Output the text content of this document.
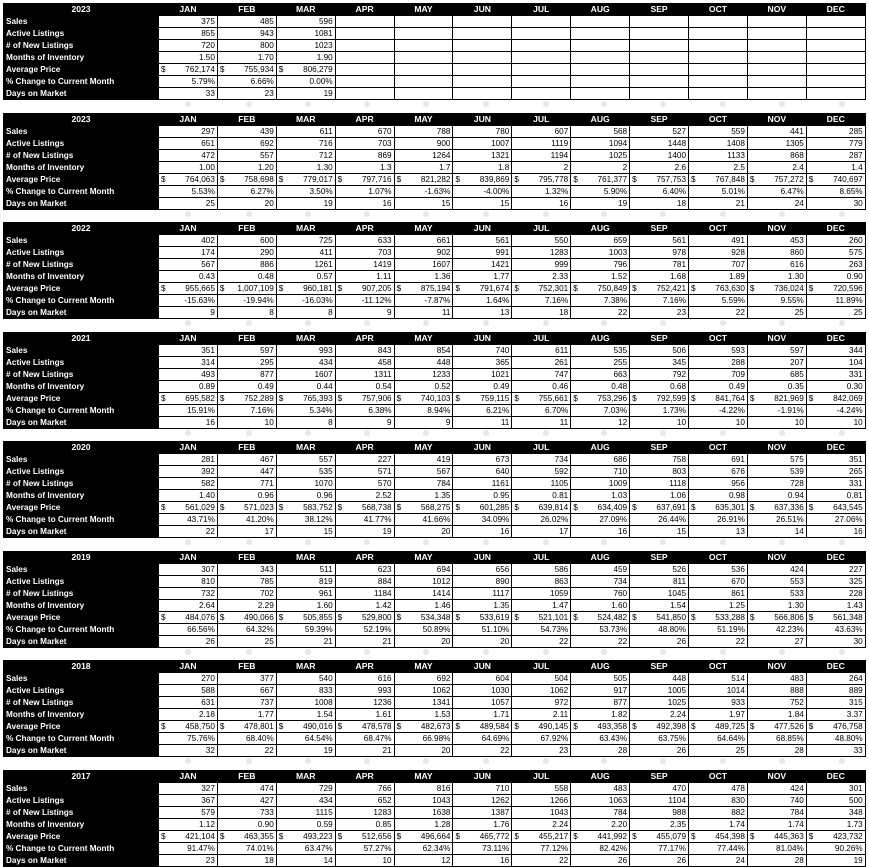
2023	JAN	FEB	MAR	APR	MAY	JUN	JUL	AUG	SEP	OCT	NOV	DEC
Sales	375	485	596									
Active Listings	855	943	1081									
# of New Listings	720	800	1023									
Months of Inventory	1.50	1.70	1.90									
Average Price	$ 762,174	$ 755,934	$ 806,279									

% Change to Current Month	5.79%	6.66%	0.00%									
Days on Market	33	23	19									
2023	JAN	FEB	MAR	APR	MAY	JUN	JUL	AUG	SEP	OCT	NOV	DEC
Sales	297	439	611	670	788	780	607	568	527	559	441	285
Active Listings	651	692	716	703	900	1007	1119	1094	1448	1408	1305	779
# of New Listings	472	557	712	869	1264	1321	1194	1025	1400	1133	868	287
Months of Inventory	1.00	1.20	1.30	1.3	1.7	1.8	2	2	2.6	2.5	2.4	1.4
Average Price	$ 764,063	$ 758,698	$ 779,017	$ 797,716	$ 821,282	$ 839,869	$ 795,778	$ 761,377	$ 757,753	$ 767,848	$ 757,272	$ 740,697

% Change to Current Month	5.53%	6.27%	3.50%	1.07%	-1.63%	-4.00%	1.32%	5.90%	6.40%	5.01%	6.47%	8.65%
Days on Market	25	20	19	16	15	15	16	19	18	21	24	30
2022	JAN	FEB	MAR	APR	MAY	JUN	JUL	AUG	SEP	OCT	NOV	DEC
Sales	402	600	725	633	661	561	550	659	561	491	453	260
Active Listings	174	290	411	703	902	991	1283	1003	978	928	860	575
# of New Listings	567	886	1261	1419	1607	1421	999	796	781	707	616	263
Months of Inventory	0.43	0.48	0.57	1.11	1.36	1.77	2.33	1.52	1.68	1.89	1.30	0.90
Average Price	$ 955,665	$ 1,007,109	$ 960,181	$ 907,205	$ 875,194	$ 791,674	$ 752,301	$ 750,849	$ 752,421	$ 763,630	$ 736,024	$ 720,596

% Change to Current Month	-15.63%	-19.94%	-16.03%	-11.12%	-7.87%	1.64%	7.16%	7.38%	7.16%	5.59%	9.55%	11.89%
Days on Market	9	8	8	9	11	13	18	22	23	22	25	25
2021	JAN	FEB	MAR	APR	MAY	JUN	JUL	AUG	SEP	OCT	NOV	DEC
Sales	351	597	993	843	854	740	611	535	506	593	597	344
Active Listings	314	295	434	458	448	365	261	255	345	288	207	104
# of New Listings	493	877	1607	1311	1233	1021	747	663	792	709	685	331
Months of Inventory	0.89	0.49	0.44	0.54	0.52	0.49	0.46	0.48	0.68	0.49	0.35	0.30
Average Price	$ 695,582	$ 752,289	$ 765,393	$ 757,906	$ 740,103	$ 759,115	$ 755,661	$ 753,296	$ 792,599	$ 841,764	$ 821,969	$ 842,069

% Change to Current Month	15.91%	7.16%	5.34%	6.38%	8.94%	6.21%	6.70%	7.03%	1.73%	-4.22%	-1.91%	-4.24%
Days on Market	16	10	8	9	9	11	11	12	10	10	10	10
2020	JAN	FEB	MAR	APR	MAY	JUN	JUL	AUG	SEP	OCT	NOV	DEC
Sales	281	467	557	227	419	673	734	686	758	691	575	351
Active Listings	392	447	535	571	567	640	592	710	803	676	539	265
# of New Listings	582	771	1070	570	784	1161	1105	1009	1118	956	728	331
Months of Inventory	1.40	0.96	0.96	2.52	1.35	0.95	0.81	1.03	1.06	0.98	0.94	0.81
Average Price	$ 561,029	$ 571,023	$ 583,752	$ 568,738	$ 568,275	$ 601,285	$ 639,814	$ 634,409	$ 637,691	$ 635,301	$ 637,336	$ 643,545

% Change to Current Month	43.71%	41.20%	38.12%	41.77%	41.66%	34.09%	26.02%	27.09%	26.44%	26.91%	26.51%	27.06%
Days on Market	22	17	15	19	20	16	17	16	15	13	14	16
2019	JAN	FEB	MAR	APR	MAY	JUN	JUL	AUG	SEP	OCT	NOV	DEC
Sales	307	343	511	623	694	656	586	459	526	536	424	227
Active Listings	810	785	819	884	1012	890	863	734	811	670	553	325
# of New Listings	732	702	961	1184	1414	1117	1059	760	1045	861	533	228
Months of Inventory	2.64	2.29	1.60	1.42	1.46	1.35	1.47	1.60	1.54	1.25	1.30	1.43
Average Price	$ 484,076	$ 490,066	$ 505,855	$ 529,800	$ 534,348	$ 533,619	$ 521,101	$ 524,482	$ 541,850	$ 533,288	$ 566,806	$ 561,348

% Change to Current Month	66.56%	64.32%	59.39%	52.19%	50.89%	51.10%	54.73%	53.73%	48.80%	51.19%	42.23%	43.63%
Days on Market	26	25	21	21	20	20	22	22	26	22	27	30
2018	JAN	FEB	MAR	APR	MAY	JUN	JUL	AUG	SEP	OCT	NOV	DEC
Sales	270	377	540	616	692	604	504	505	448	514	483	264
Active Listings	588	667	833	993	1062	1030	1062	917	1005	1014	888	889
# of New Listings	631	737	1008	1236	1341	1057	972	877	1025	933	752	315
Months of Inventory	2.18	1.77	1.54	1.61	1.53	1.71	2.11	1.82	2.24	1.97	1.84	3.37
Average Price	$ 458,750	$ 478,801	$ 490,016	$ 478,578	$ 482,673	$ 489,584	$ 490,145	$ 493,358	$ 492,398	$ 489,725	$ 477,526	$ 476,758

% Change to Current Month	75.76%	68.40%	64.54%	68.47%	66.98%	64.69%	67.92%	63.43%	63.75%	64.64%	68.85%	48.80%
Days on Market	32	22	19	21	20	22	23	28	26	25	28	33
2017	JAN	FEB	MAR	APR	MAY	JUN	JUL	AUG	SEP	OCT	NOV	DEC
Sales	327	474	729	766	816	710	558	483	470	478	424	301
Active Listings	367	427	434	652	1043	1262	1266	1063	1104	830	740	500
# of New Listings	579	733	1115	1283	1638	1387	1043	784	988	882	784	348
Months of Inventory	1.12	0.90	0.59	0.85	1.28	1.76	2.24	2.20	2.35	1.74	1.74	1.73
Average Price	$ 421,104	$ 463,355	$ 493,223	$ 512,656	$ 496,664	$ 465,772	$ 455,217	$ 441,992	$ 455,079	$ 454,398	$ 445,363	$ 423,732

% Change to Current Month	91.47%	74.01%	63.47%	57.27%	62.34%	73.11%	77.12%	82.42%	77.17%	77.44%	81.04%	90.26%
Days on Market	23	18	14	10	12	16	22	26	26	24	28	19
